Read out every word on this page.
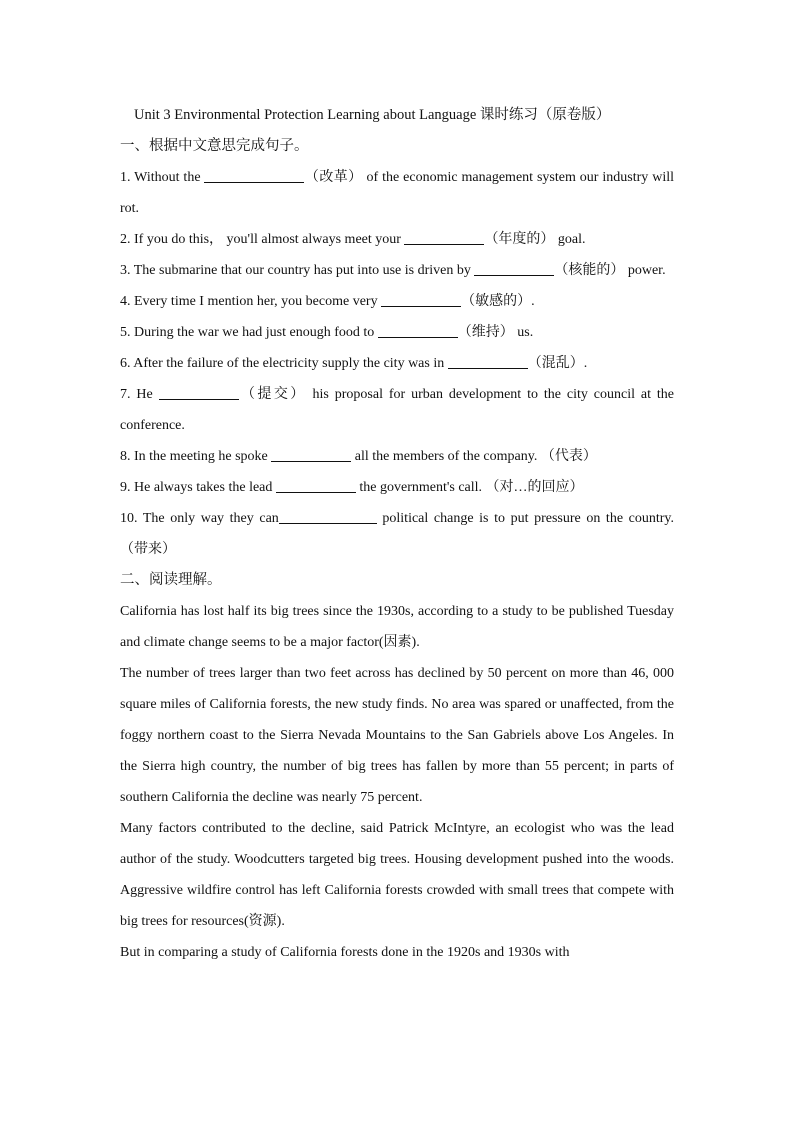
Unit 3 Environmental Protection Learning about Language 课时练习（原卷版）
一、根据中文意思完成句子。
1. Without the	（改革） of the economic management system our industry will rot.
2. If you do this， you'll almost always meet your	（年度的） goal.
3. The submarine that our country has put into use is driven by	（核能的） power.
4. Every time I mention her, you become very	（敏感的）.
5. During the war we had just enough food to	（维持） us.
6. After the failure of the electricity supply the city was in	（混乱）.
7. He	（提交） his proposal for urban development to the city council at the conference.
8. In the meeting he spoke	all the members of the company. （代表）
9. He always takes the lead	the government's call. （对…的回应）
10. The only way they can	political change is to put pressure on the country. （带来）
二、阅读理解。
California has lost half its big trees since the 1930s, according to a study to be published Tuesday and climate change seems to be a major factor(因素).
The number of trees larger than two feet across has declined by 50 percent on more than 46, 000 square miles of California forests, the new study finds. No area was spared or unaffected, from the foggy northern coast to the Sierra Nevada Mountains to the San Gabriels above Los Angeles. In the Sierra high country, the number of big trees has fallen by more than 55 percent; in parts of southern California the decline was nearly 75 percent.
Many factors contributed to the decline, said Patrick McIntyre, an ecologist who was the lead author of the study. Woodcutters targeted big trees. Housing development pushed into the woods. Aggressive wildfire control has left California forests crowded with small trees that compete with big trees for resources(资源).
But in comparing a study of California forests done in the 1920s and 1930s with
